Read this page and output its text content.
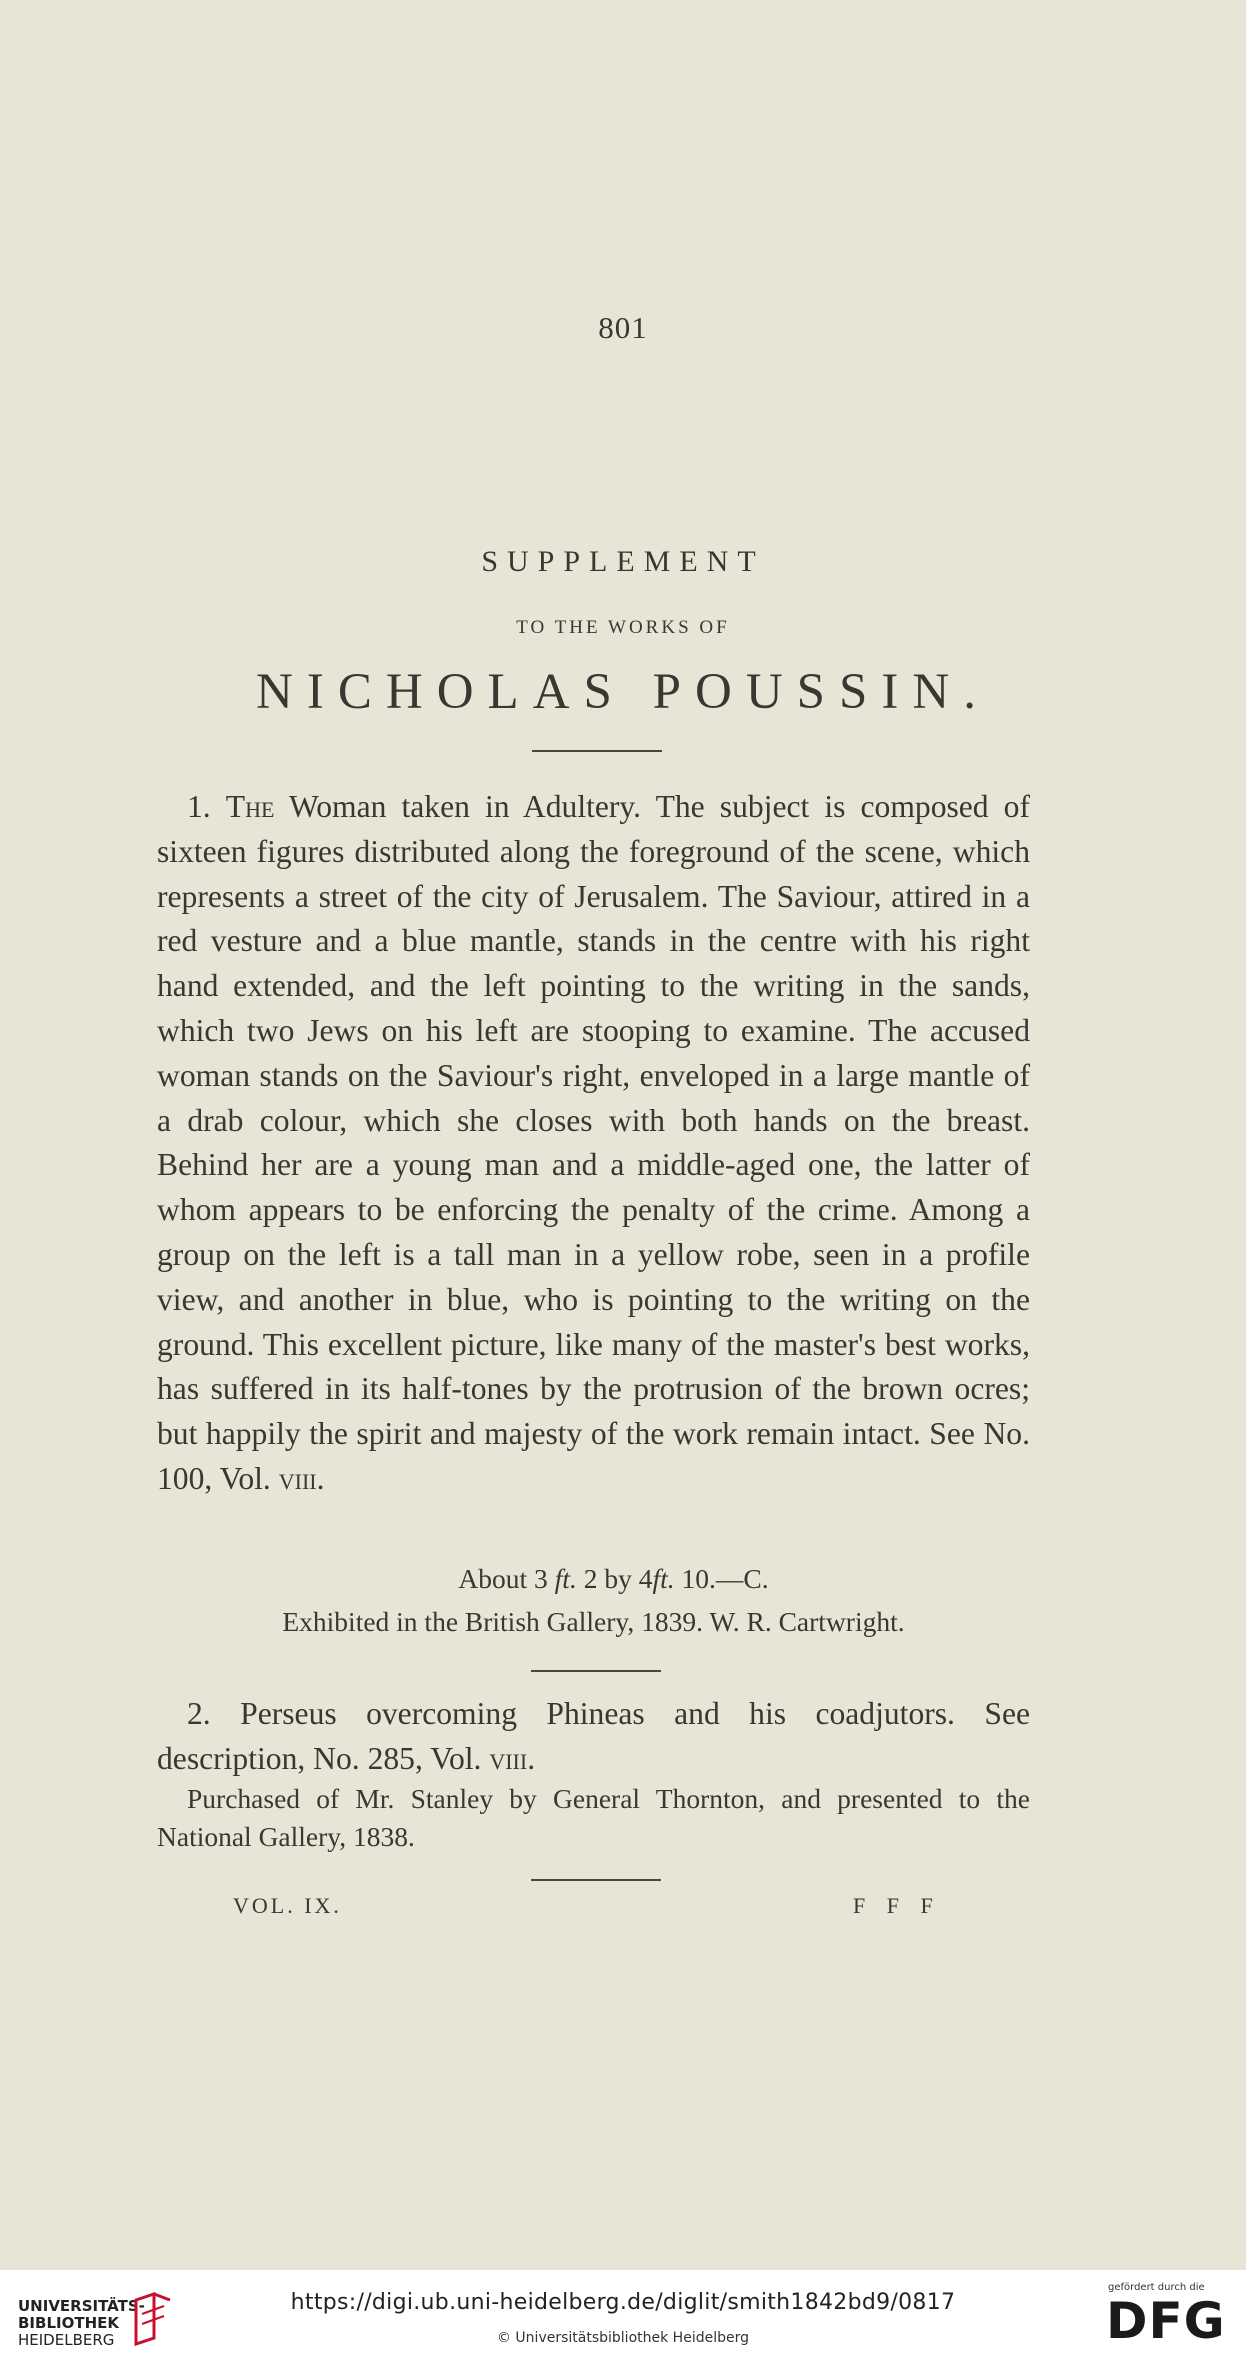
801
SUPPLEMENT
TO THE WORKS OF
NICHOLAS POUSSIN.

1. The Woman taken in Adultery. The subject is composed of sixteen figures distributed along the foreground of the scene, which represents a street of the city of Jerusalem. The Saviour, attired in a red vesture and a blue mantle, stands in the centre with his right hand extended, and the left pointing to the writing in the sands, which two Jews on his left are stooping to examine. The accused woman stands on the Saviour's right, enveloped in a large mantle of a drab colour, which she closes with both hands on the breast. Behind her are a young man and a middle-aged one, the latter of whom appears to be enforcing the penalty of the crime. Among a group on the left is a tall man in a yellow robe, seen in a profile view, and another in blue, who is pointing to the writing on the ground. This excellent picture, like many of the master's best works, has suffered in its half-tones by the protrusion of the brown ocres; but happily the spirit and majesty of the work remain intact. See No. 100, Vol. viii.

About 3 ft. 2 by 4ft. 10.—C.

Exhibited in the British Gallery, 1839. W. R. Cartwright.

2. Perseus overcoming Phineas and his coadjutors. See description, No. 285, Vol. viii.

Purchased of Mr. Stanley by General Thornton, and presented to the National Gallery, 1838.

VOL. IX.	F F F
UNIVERSITÄTS-
BIBLIOTHEK
HEIDELBERG
https://digi.ub.uni-heidelberg.de/diglit/smith1842bd9/0817
© Universitätsbibliothek Heidelberg
gefördert durch die
DFG
